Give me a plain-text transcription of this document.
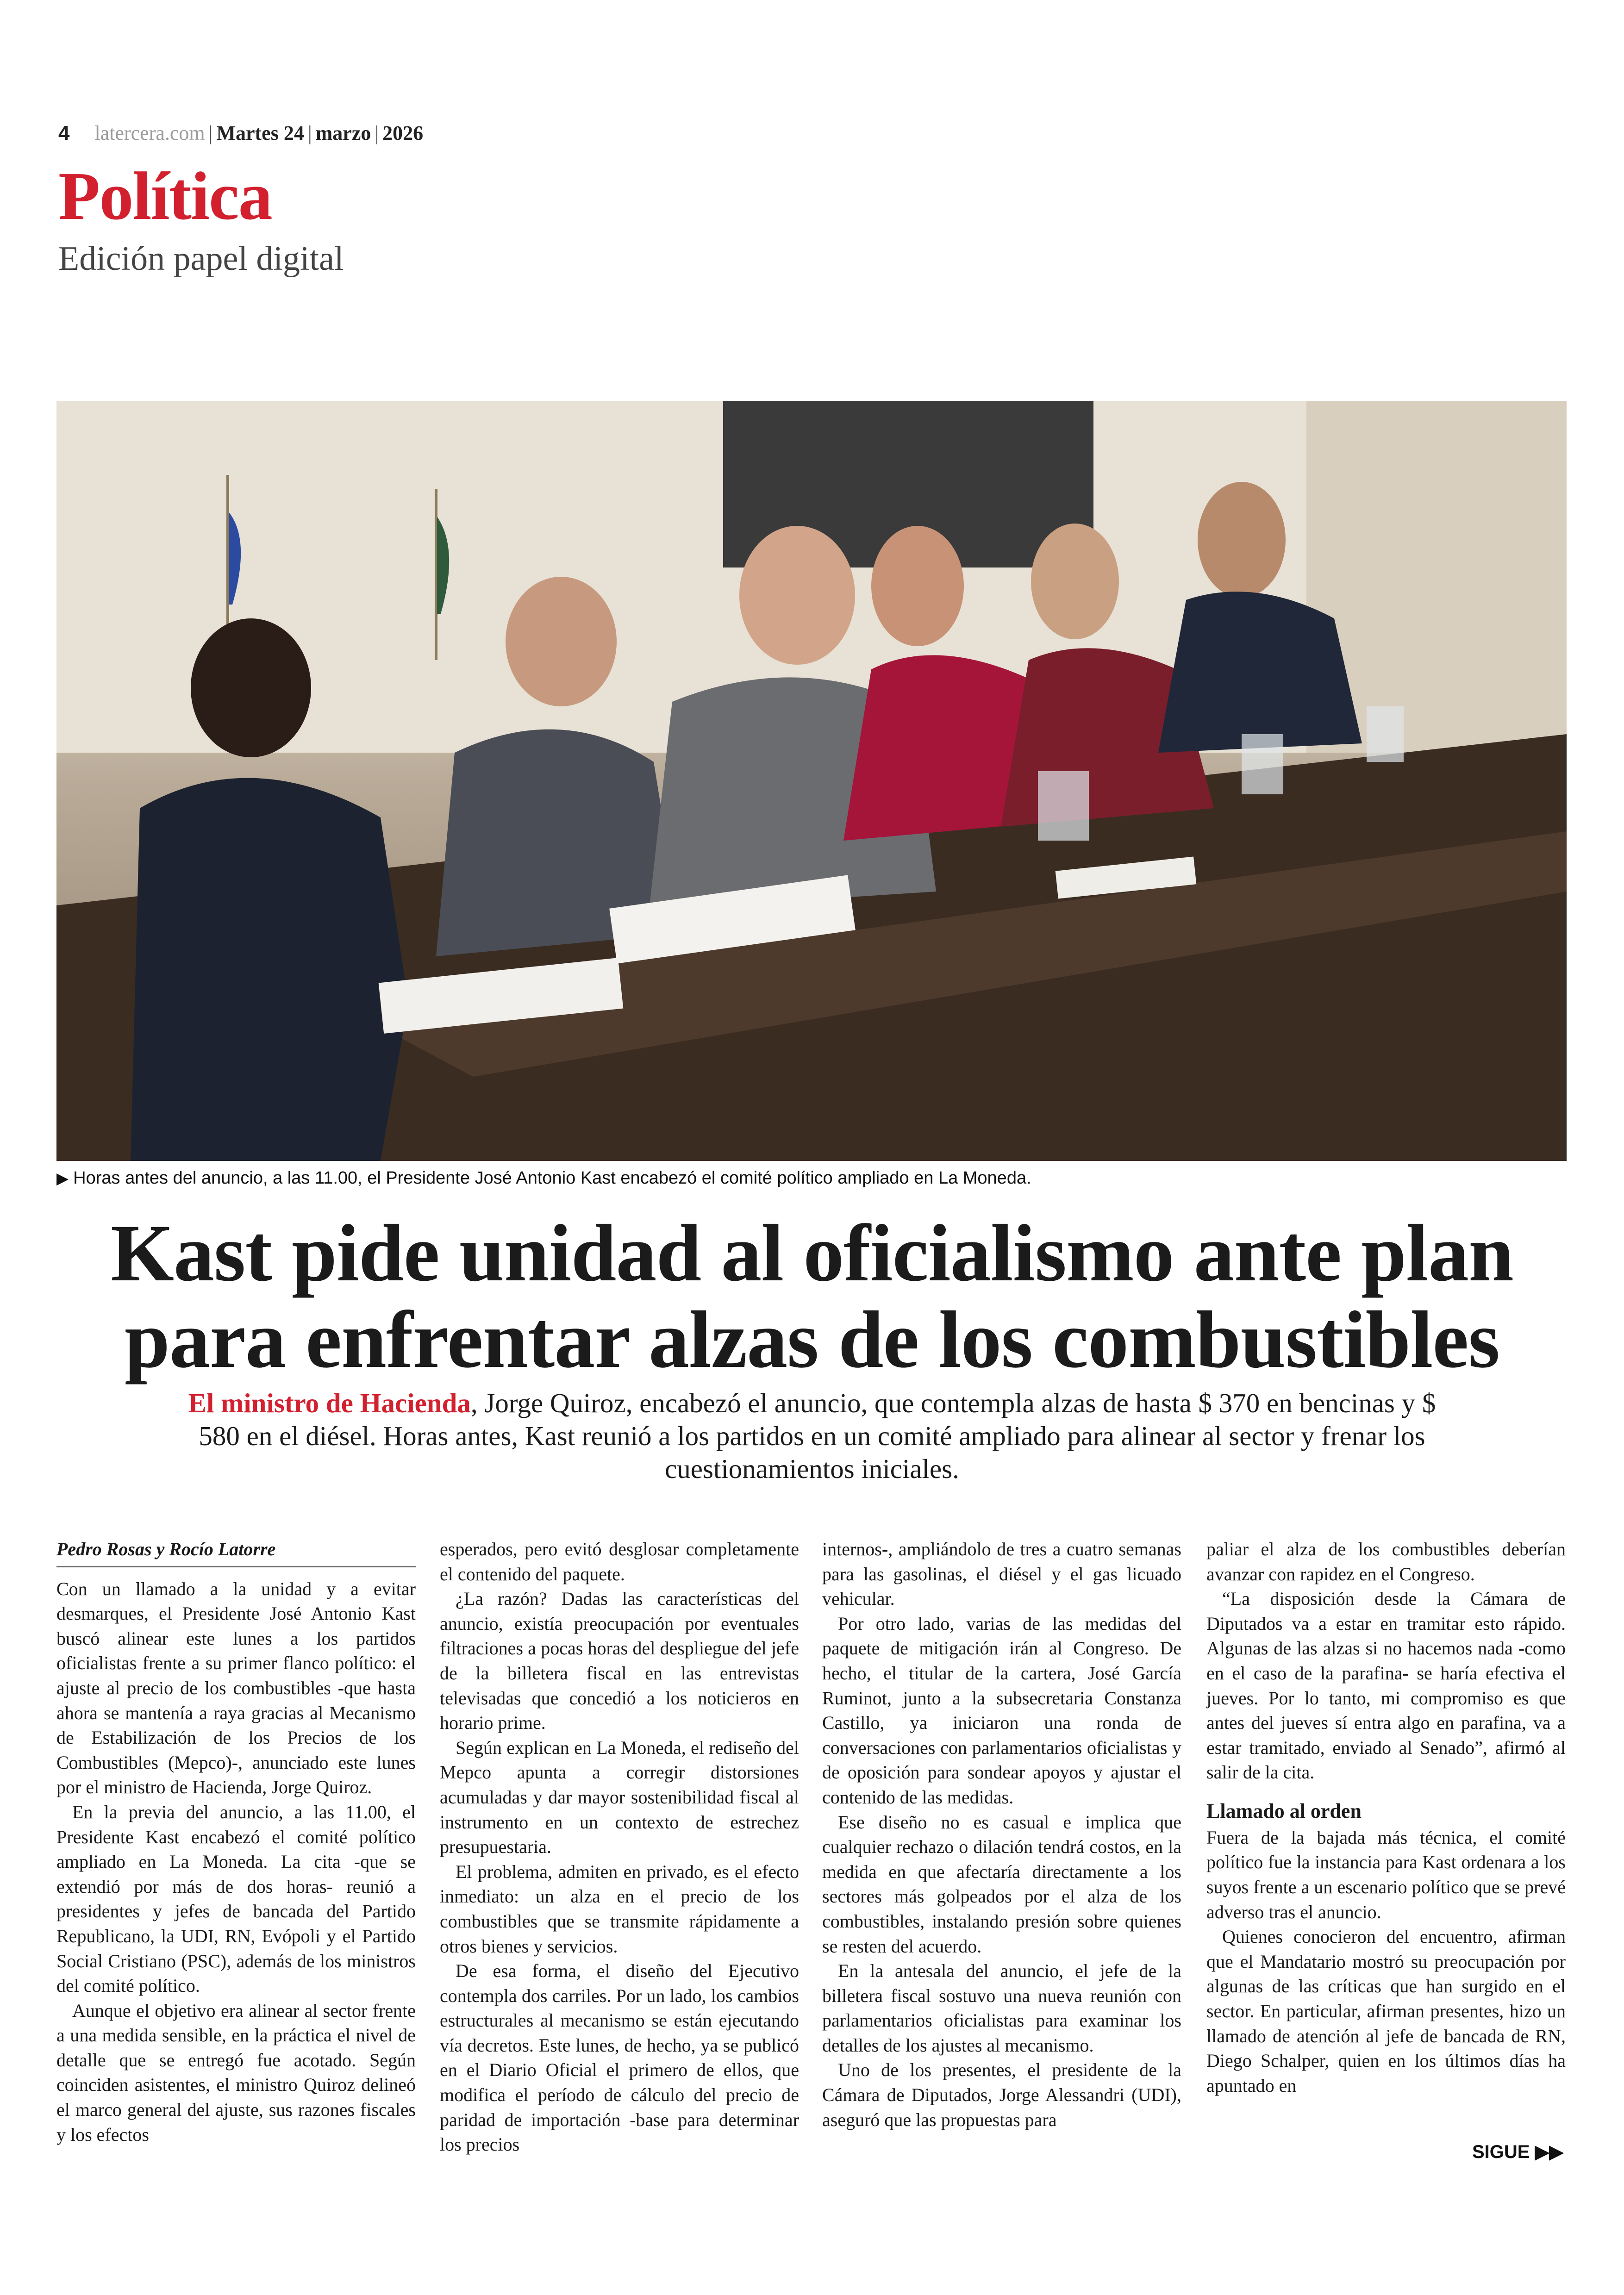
4 latercera.com | Martes 24 | marzo | 2026
Política
Edición papel digital
▶ Horas antes del anuncio, a las 11.00, el Presidente José Antonio Kast encabezó el comité político ampliado en La Moneda.
Kast pide unidad al oficialismo ante plan para enfrentar alzas de los combustibles
El ministro de Hacienda, Jorge Quiroz, encabezó el anuncio, que contempla alzas de hasta $ 370 en bencinas y $ 580 en el diésel. Horas antes, Kast reunió a los partidos en un comité ampliado para alinear al sector y frenar los cuestionamientos iniciales.
Pedro Rosas y Rocío Latorre

Con un llamado a la unidad y a evitar desmarques, el Presidente José Antonio Kast buscó alinear este lunes a los partidos oficialistas frente a su primer flanco político: el ajuste al precio de los combustibles -que hasta ahora se mantenía a raya gracias al Mecanismo de Estabilización de los Precios de los Combustibles (Mepco)-, anunciado este lunes por el ministro de Hacienda, Jorge Quiroz.

En la previa del anuncio, a las 11.00, el Presidente Kast encabezó el comité político ampliado en La Moneda. La cita -que se extendió por más de dos horas- reunió a presidentes y jefes de bancada del Partido Republicano, la UDI, RN, Evópoli y el Partido Social Cristiano (PSC), además de los ministros del comité político.

Aunque el objetivo era alinear al sector frente a una medida sensible, en la práctica el nivel de detalle que se entregó fue acotado. Según coinciden asistentes, el ministro Quiroz delineó el marco general del ajuste, sus razones fiscales y los efectos

esperados, pero evitó desglosar completamente el contenido del paquete.

¿La razón? Dadas las características del anuncio, existía preocupación por eventuales filtraciones a pocas horas del despliegue del jefe de la billetera fiscal en las entrevistas televisadas que concedió a los noticieros en horario prime.

Según explican en La Moneda, el rediseño del Mepco apunta a corregir distorsiones acumuladas y dar mayor sostenibilidad fiscal al instrumento en un contexto de estrechez presupuestaria.

El problema, admiten en privado, es el efecto inmediato: un alza en el precio de los combustibles que se transmite rápidamente a otros bienes y servicios.

De esa forma, el diseño del Ejecutivo contempla dos carriles. Por un lado, los cambios estructurales al mecanismo se están ejecutando vía decretos. Este lunes, de hecho, ya se publicó en el Diario Oficial el primero de ellos, que modifica el período de cálculo del precio de paridad de importación -base para determinar los precios

internos-, ampliándolo de tres a cuatro semanas para las gasolinas, el diésel y el gas licuado vehicular.

Por otro lado, varias de las medidas del paquete de mitigación irán al Congreso. De hecho, el titular de la cartera, José García Ruminot, junto a la subsecretaria Constanza Castillo, ya iniciaron una ronda de conversaciones con parlamentarios oficialistas y de oposición para sondear apoyos y ajustar el contenido de las medidas.

Ese diseño no es casual e implica que cualquier rechazo o dilación tendrá costos, en la medida en que afectaría directamente a los sectores más golpeados por el alza de los combustibles, instalando presión sobre quienes se resten del acuerdo.

En la antesala del anuncio, el jefe de la billetera fiscal sostuvo una nueva reunión con parlamentarios oficialistas para examinar los detalles de los ajustes al mecanismo.

Uno de los presentes, el presidente de la Cámara de Diputados, Jorge Alessandri (UDI), aseguró que las propuestas para

paliar el alza de los combustibles deberían avanzar con rapidez en el Congreso.

“La disposición desde la Cámara de Diputados va a estar en tramitar esto rápido. Algunas de las alzas si no hacemos nada -como en el caso de la parafina- se haría efectiva el jueves. Por lo tanto, mi compromiso es que antes del jueves sí entra algo en parafina, va a estar tramitado, enviado al Senado”, afirmó al salir de la cita.

Llamado al orden

Fuera de la bajada más técnica, el comité político fue la instancia para Kast ordenara a los suyos frente a un escenario político que se prevé adverso tras el anuncio.

Quienes conocieron del encuentro, afirman que el Mandatario mostró su preocupación por algunas de las críticas que han surgido en el sector. En particular, afirman presentes, hizo un llamado de atención al jefe de bancada de RN, Diego Schalper, quien en los últimos días ha apuntado en

SIGUE ▶▶
